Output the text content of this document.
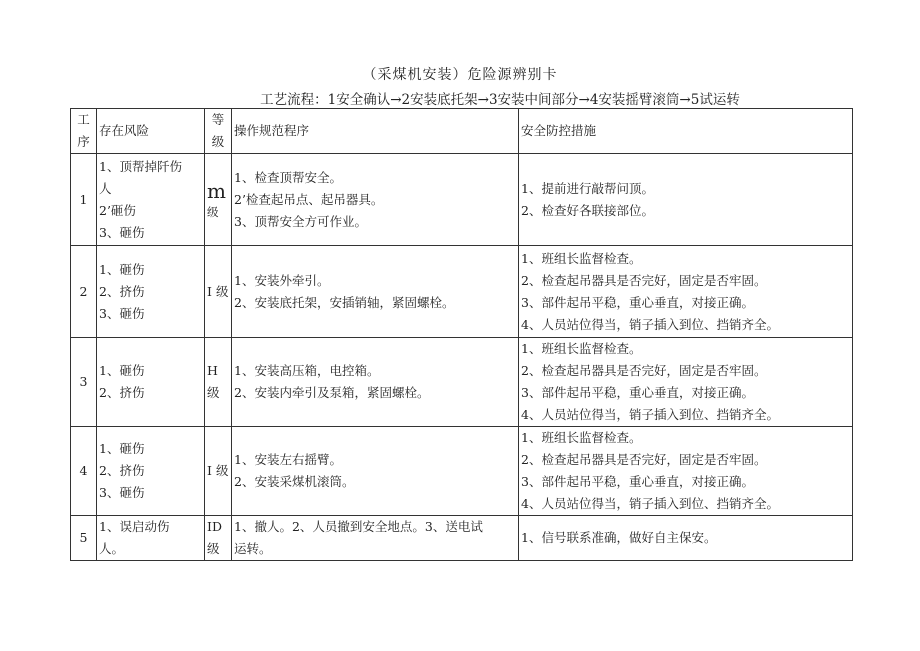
（采煤机安装）危险源辨别卡
工艺流程：1安全确认→2安装底托架→3安装中间部分→4安装摇臂滚筒→5试运转
工
序	存在风险	等
级	操作规范程序	安全防控措施
1	1、顶帮掉阡伤
人
2’砸伤
3、砸伤	m
级	1、检查顶帮安全。
2’检查起吊点、起吊器具。
3、顶帮安全方可作业。	1、提前进行敲帮问顶。
2、检查好各联接部位。

2	1、砸伤
2、挤伤
3、砸伤	I 级	1、安装外牵引。
2、安装底托架，安插销轴，紧固螺栓。	1、班组长监督检查。
2、检查起吊器具是否完好，固定是否牢固。
3、部件起吊平稳，重心垂直，对接正确。
4、人员站位得当，销子插入到位、挡销齐全。

3	1、砸伤
2、挤伤	H
级	1、安装高压箱，电控箱。
2、安装内牵引及泵箱，紧固螺栓。	1、班组长监督检查。
2、检查起吊器具是否完好，固定是否牢固。
3、部件起吊平稳，重心垂直，对接正确。
4、人员站位得当，销子插入到位、挡销齐全。

4	1、砸伤
2、挤伤
3、砸伤	I 级	1、安装左右摇臂。
2、安装采煤机滚筒。	1、班组长监督检查。
2、检查起吊器具是否完好，固定是否牢固。
3、部件起吊平稳，重心垂直，对接正确。
4、人员站位得当，销子插入到位、挡销齐全。

5	1、误启动伤
人。	ID
级	1、撤人。2、人员撤到安全地点。3、送电试
运转。	1、信号联系准确，做好自主保安。
